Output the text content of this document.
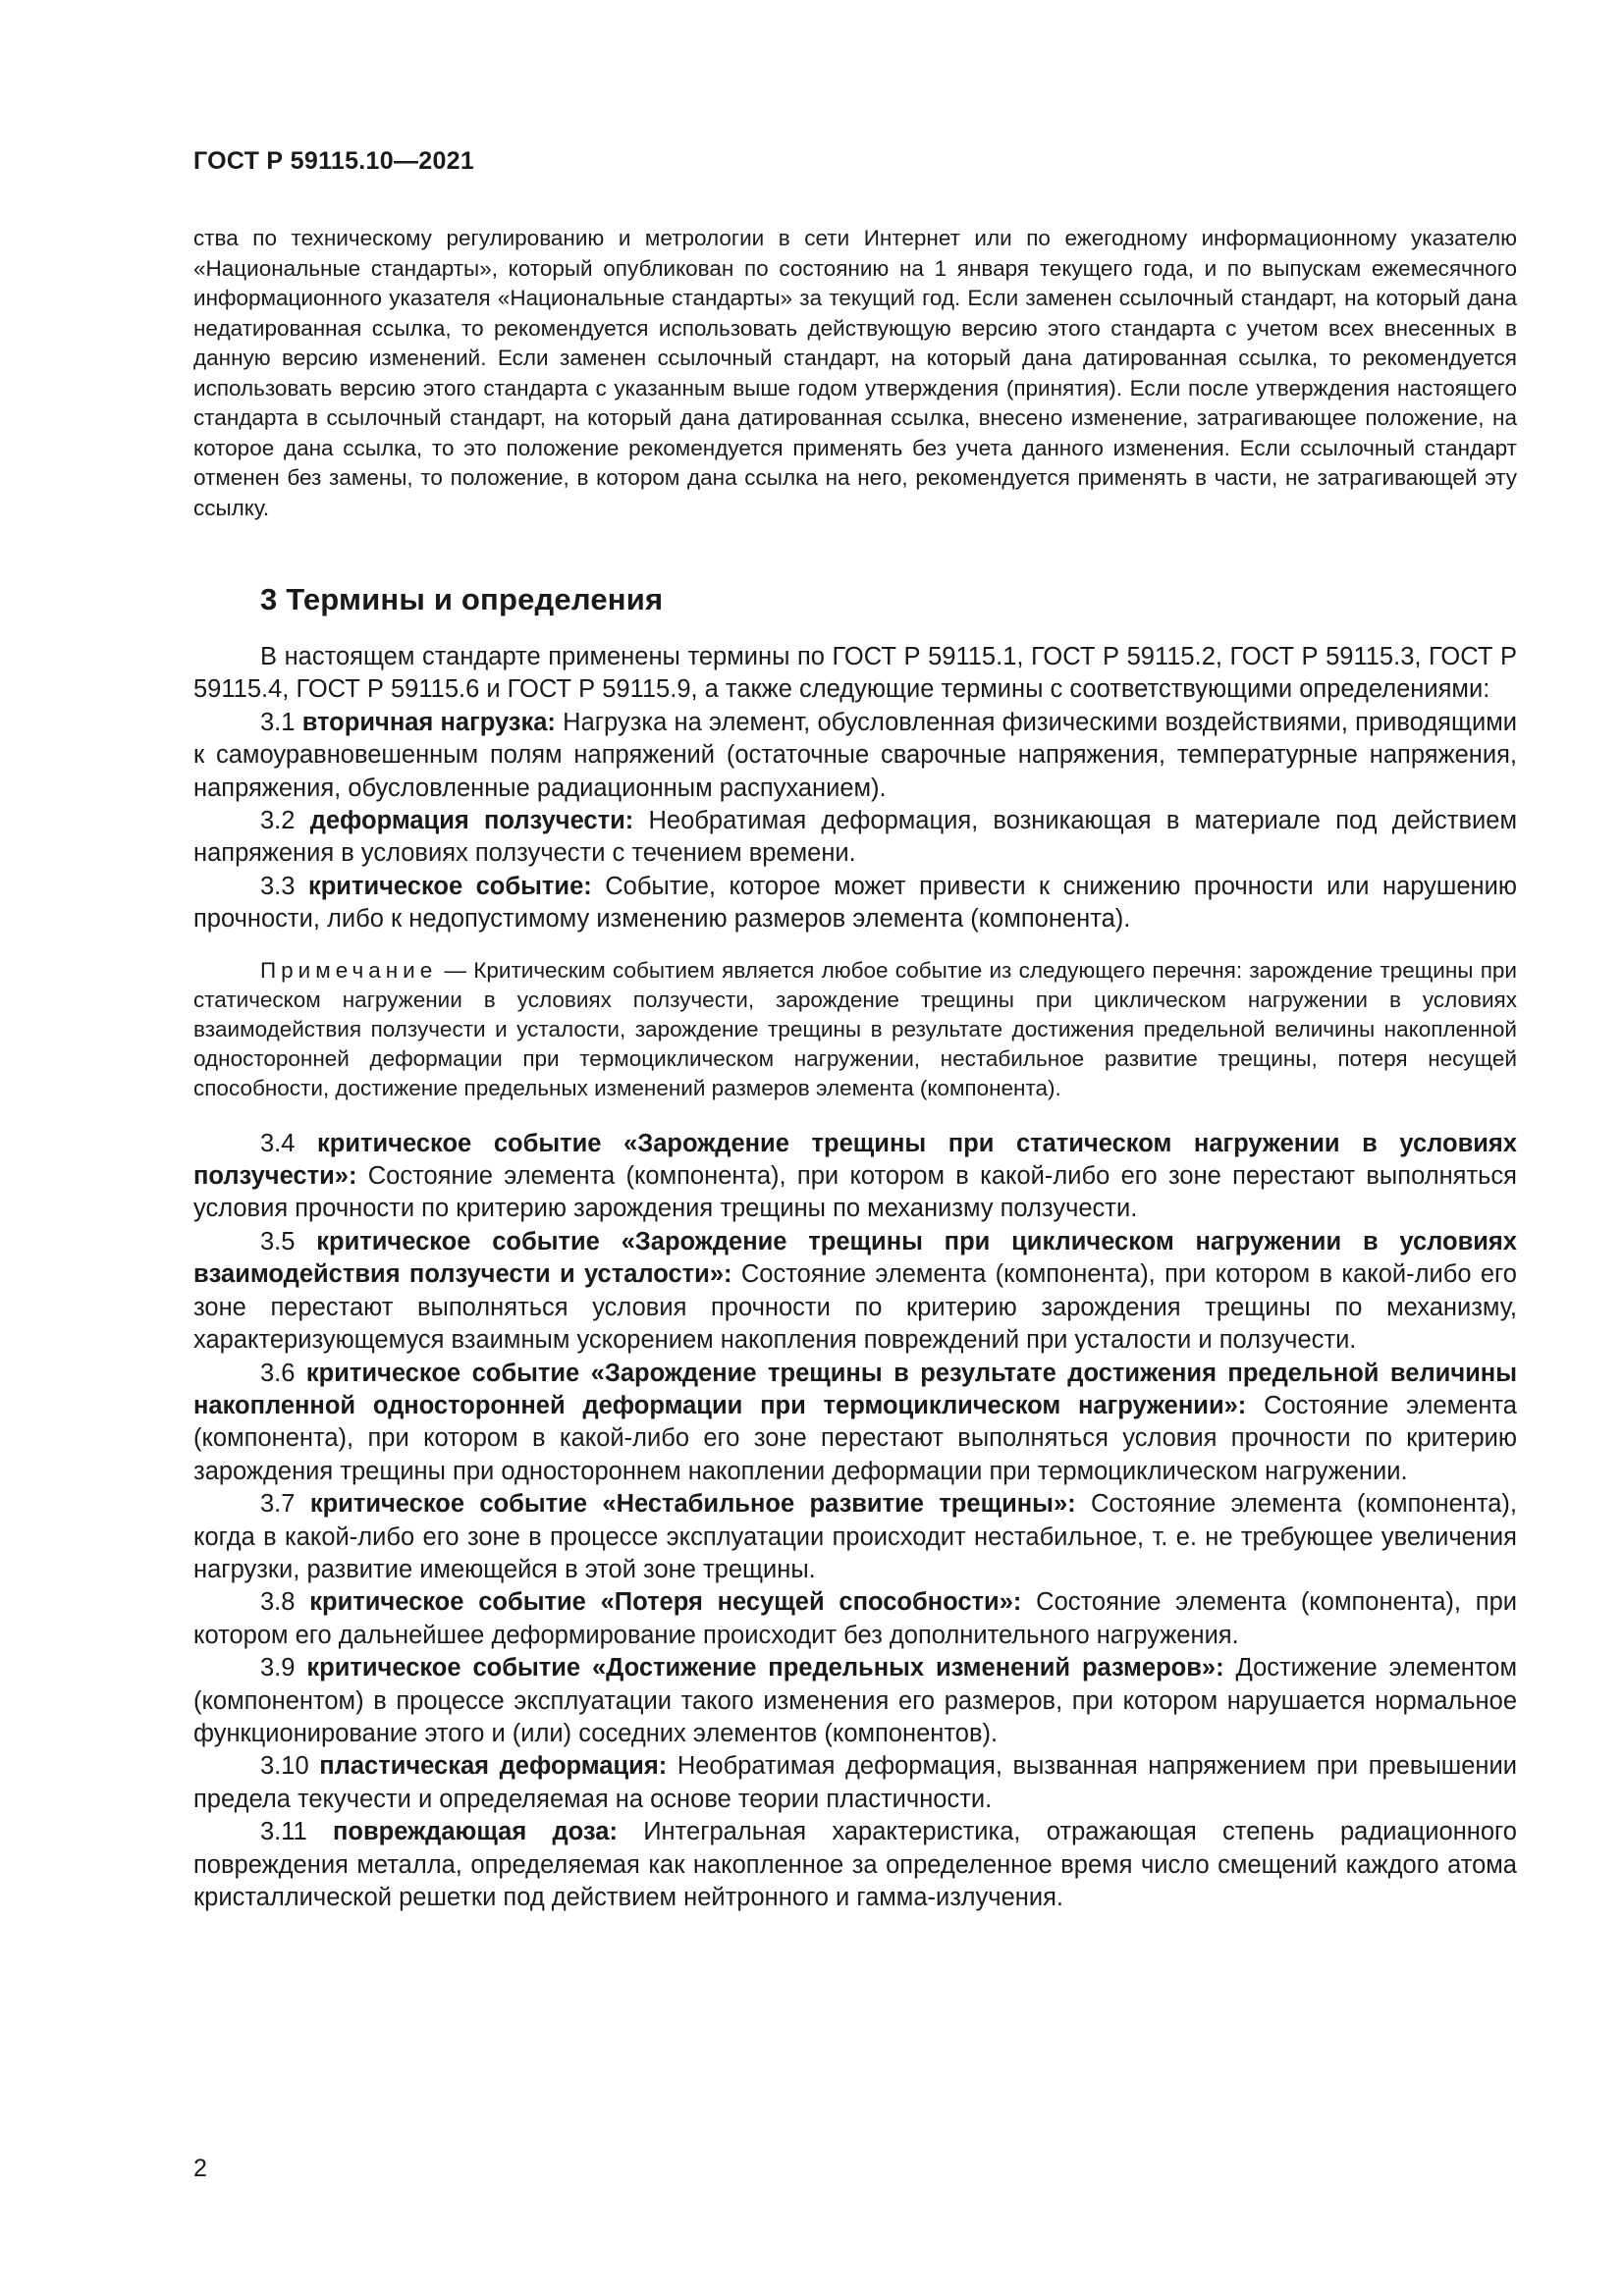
ГОСТ Р 59115.10—2021
ства по техническому регулированию и метрологии в сети Интернет или по ежегодному информационному указателю «Национальные стандарты», который опубликован по состоянию на 1 января текущего года, и по выпускам ежемесячного информационного указателя «Национальные стандарты» за текущий год. Если заменен ссылочный стандарт, на который дана недатированная ссылка, то рекомендуется использовать действующую версию этого стандарта с учетом всех внесенных в данную версию изменений. Если заменен ссылочный стандарт, на который дана датированная ссылка, то рекомендуется использовать версию этого стандарта с указанным выше годом утверждения (принятия). Если после утверждения настоящего стандарта в ссылочный стандарт, на который дана датированная ссылка, внесено изменение, затрагивающее положение, на которое дана ссылка, то это положение рекомендуется применять без учета данного изменения. Если ссылочный стандарт отменен без замены, то положение, в котором дана ссылка на него, рекомендуется применять в части, не затрагивающей эту ссылку.
3 Термины и определения

В настоящем стандарте применены термины по ГОСТ Р 59115.1, ГОСТ Р 59115.2, ГОСТ Р 59115.3, ГОСТ Р 59115.4, ГОСТ Р 59115.6 и ГОСТ Р 59115.9, а также следующие термины с соответствующими определениями:

3.1 вторичная нагрузка: Нагрузка на элемент, обусловленная физическими воздействиями, приводящими к самоуравновешенным полям напряжений (остаточные сварочные напряжения, температурные напряжения, напряжения, обусловленные радиационным распуханием).

3.2 деформация ползучести: Необратимая деформация, возникающая в материале под действием напряжения в условиях ползучести с течением времени.

3.3 критическое событие: Событие, которое может привести к снижению прочности или нарушению прочности, либо к недопустимому изменению размеров элемента (компонента).

Примечание — Критическим событием является любое событие из следующего перечня: зарождение трещины при статическом нагружении в условиях ползучести, зарождение трещины при циклическом нагружении в условиях взаимодействия ползучести и усталости, зарождение трещины в результате достижения предельной величины накопленной односторонней деформации при термоциклическом нагружении, нестабильное развитие трещины, потеря несущей способности, достижение предельных изменений размеров элемента (компонента).

3.4 критическое событие «Зарождение трещины при статическом нагружении в условиях ползучести»: Состояние элемента (компонента), при котором в какой-либо его зоне перестают выполняться условия прочности по критерию зарождения трещины по механизму ползучести.

3.5 критическое событие «Зарождение трещины при циклическом нагружении в условиях взаимодействия ползучести и усталости»: Состояние элемента (компонента), при котором в какой-либо его зоне перестают выполняться условия прочности по критерию зарождения трещины по механизму, характеризующемуся взаимным ускорением накопления повреждений при усталости и ползучести.

3.6 критическое событие «Зарождение трещины в результате достижения предельной величины накопленной односторонней деформации при термоциклическом нагружении»: Состояние элемента (компонента), при котором в какой-либо его зоне перестают выполняться условия прочности по критерию зарождения трещины при одностороннем накоплении деформации при термоциклическом нагружении.

3.7 критическое событие «Нестабильное развитие трещины»: Состояние элемента (компонента), когда в какой-либо его зоне в процессе эксплуатации происходит нестабильное, т. е. не требующее увеличения нагрузки, развитие имеющейся в этой зоне трещины.

3.8 критическое событие «Потеря несущей способности»: Состояние элемента (компонента), при котором его дальнейшее деформирование происходит без дополнительного нагружения.

3.9 критическое событие «Достижение предельных изменений размеров»: Достижение элементом (компонентом) в процессе эксплуатации такого изменения его размеров, при котором нарушается нормальное функционирование этого и (или) соседних элементов (компонентов).

3.10 пластическая деформация: Необратимая деформация, вызванная напряжением при превышении предела текучести и определяемая на основе теории пластичности.

3.11 повреждающая доза: Интегральная характеристика, отражающая степень радиационного повреждения металла, определяемая как накопленное за определенное время число смещений каждого атома кристаллической решетки под действием нейтронного и гамма-излучения.

2
